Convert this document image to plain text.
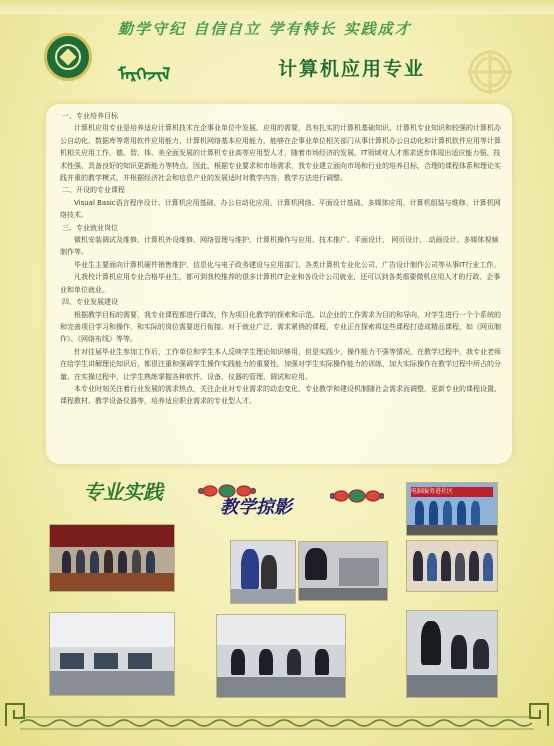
勤学守纪 自信自立 学有特长 实践成才
ᠮᠡᠷᠭᠡᠵᠢᠯ	计算机应用专业
一、专业培养目标
计算机应用专业是培养适应计算机技术在企事业单位中发展、应用的需要，具有扎实的计算机基础知识、计算机专业知识和较强的计算机办公自动化、数据库等常用软件应用能力、计算机网络基本应用能力，能够在企事业单位相关部门从事计算机办公自动化和计算机软件应用等计算机相关应用工作，德、智、体、美全面发展的计算机专业高等应用型人才，随着市场经济的发展，IT领域对人才需求逐步体现出适应能力强、技术性强、具备良好的知识更新能力等特点。因此，根据专业要求和市场需求，我专业建立面向市场和行业的培养目标，合理的课程体系和理论实践并重的教学模式，并根据经济社会和信息产业的发展适时对教学内容、教学方法进行调整。
二、开设的专业课程
Visual Basic语言程序设计、计算机应用基础、办公自动化应用、计算机网络、平面设计基础、多媒体应用、计算机组装与维修、计算机网络技术。
三、专业就业岗位
微机安装调试及维修、计算机外设维修、网络管理与维护、计算机操作与应用、技术推广、平面设计、 网页设计、 动画设计、多媒体视频制作等。
毕业生主要面向计算机硬件销售维护、信息化与电子政务建设与应用部门、各类计算机专业化公司、广告设计制作公司等从事IT行业工作。
凡我校计算机应用专业合格毕业生，都可到我校推荐的很多计算机IT企业和各设计公司就业，还可以到各类需要微机应用人才的行政、企事业和单位就业。
四、专业发展建设
根据教学目标的需要，我专业课程都进行课改，作为项目化教学的探索和示范。以企业的工作需求为目的和导向，对学生进行一个个系统的和完善项目学习和操作，和实际的岗位需要进行衔接。对于就业广泛、需求紧俏的课程，专业正在探索将这些课程打造成精品课程，如《网页制作》、《网络布线》等等。
针对往届毕业生参加工作后，工作单位和学生本人反映学生理论知识够用，但是实践少，操作能力不强等情况，在教学过程中，我专业老师在给学生讲解理论知识后，都很注重和强调学生操作实践能力的重要性，加强对学生实际操作能力的训练，加大实际操作在教学过程中所占的分量。在实操过程中，让学生熟练掌握各种软件、设备、仪器的管理、调试和应用。
本专业时刻关注着行业发展的需求热点，关注企业对专业需求的动态变化，专业教学和建设机制随社会需求而调整，更新专业的课程设置、课程教材、教学设备仪器等，培养适应职业需求的专业型人才。
专业实践
教学掠影
电脑服务进社区
